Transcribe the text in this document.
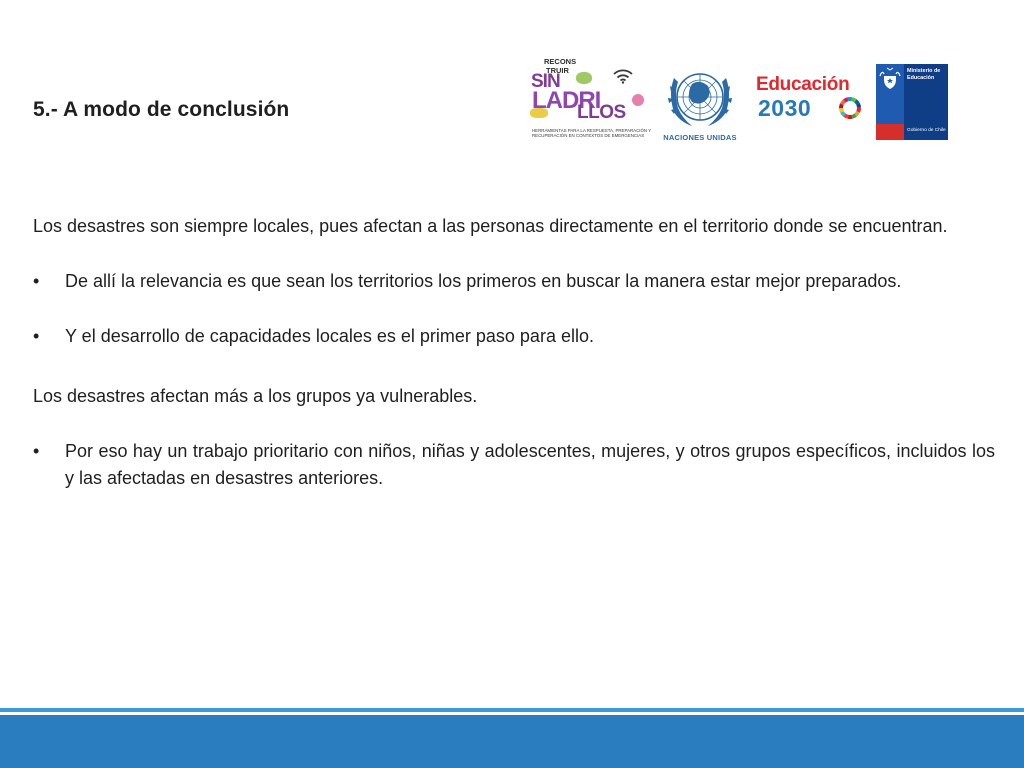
5.- A modo de conclusión
RECONS
TRUIR
SIN
LADRI
LLOS
HERRAMIENTAS PARA LA RESPUESTA, PREPARACIÓN Y RECUPERACIÓN EN CONTEXTOS DE EMERGENCIAS	NACIONES UNIDAS
Educación
2030
Ministerio de
Educación
Gobierno de Chile

Los desastres son siempre locales, pues afectan a las personas directamente en el territorio donde se encuentran.

•	De allí la relevancia es que sean los territorios los primeros en buscar la manera estar mejor preparados.
•	Y el desarrollo de capacidades locales es el primer paso para ello.

Los desastres afectan más a los grupos ya vulnerables.

•	Por eso hay un trabajo prioritario con niños, niñas y adolescentes, mujeres, y otros grupos específicos, incluidos los y las afectadas en desastres anteriores.
